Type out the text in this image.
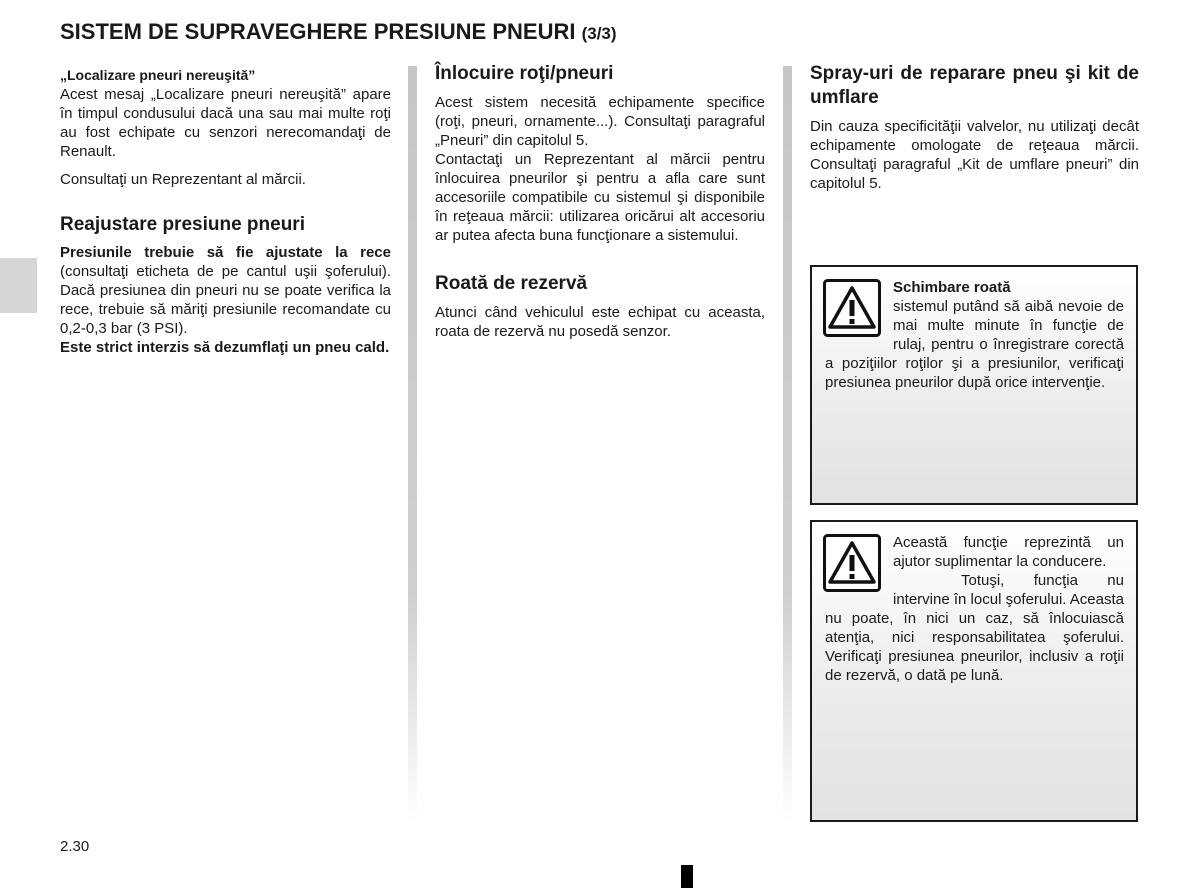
SISTEM DE SUPRAVEGHERE PRESIUNE PNEURI (3/3)

„Localizare pneuri nereuşită”

Acest mesaj „Localizare pneuri nereuşită” apare în timpul condusului dacă una sau mai multe roţi au fost echipate cu senzori nerecomandaţi de Renault.

Consultaţi un Reprezentant al mărcii.

Reajustare presiune pneuri

Presiunile trebuie să fie ajustate la rece (consultaţi eticheta de pe cantul uşii şoferului). Dacă presiunea din pneuri nu se poate verifica la rece, trebuie să măriţi presiunile recomandate cu 0,2-0,3 bar (3 PSI).

Este strict interzis să dezumflaţi un pneu cald.

Înlocuire roţi/pneuri

Acest sistem necesită echipamente specifice (roţi, pneuri, ornamente...). Consultaţi paragraful „Pneuri” din capitolul 5.

Contactaţi un Reprezentant al mărcii pentru înlocuirea pneurilor şi pentru a afla care sunt accesoriile compatibile cu sistemul şi disponibile în reţeaua mărcii: utilizarea oricărui alt accesoriu ar putea afecta buna funcţionare a sistemului.

Roată de rezervă

Atunci când vehiculul este echipat cu aceasta, roata de rezervă nu posedă senzor.

Spray-uri de reparare pneu şi kit de umflare

Din cauza specificităţii valvelor, nu utilizaţi decât echipamente omologate de reţeaua mărcii. Consultaţi paragraful „Kit de umflare pneuri” din capitolul 5.

Schimbare roată
sistemul putând să aibă nevoie de mai multe minute în funcţie de rulaj, pentru o înregistrare corectă a poziţiilor roţilor şi a presiunilor, verificaţi presiunea pneurilor după orice intervenţie.
Această funcţie reprezintă un ajutor suplimentar la conducere.
Totuşi, funcţia nu intervine în locul şoferului. Aceasta nu poate, în nici un caz, să înlocuiască atenţia, nici responsabilitatea şoferului. Verificaţi presiunea pneurilor, inclusiv a roţii de rezervă, o dată pe lună.
2.30
